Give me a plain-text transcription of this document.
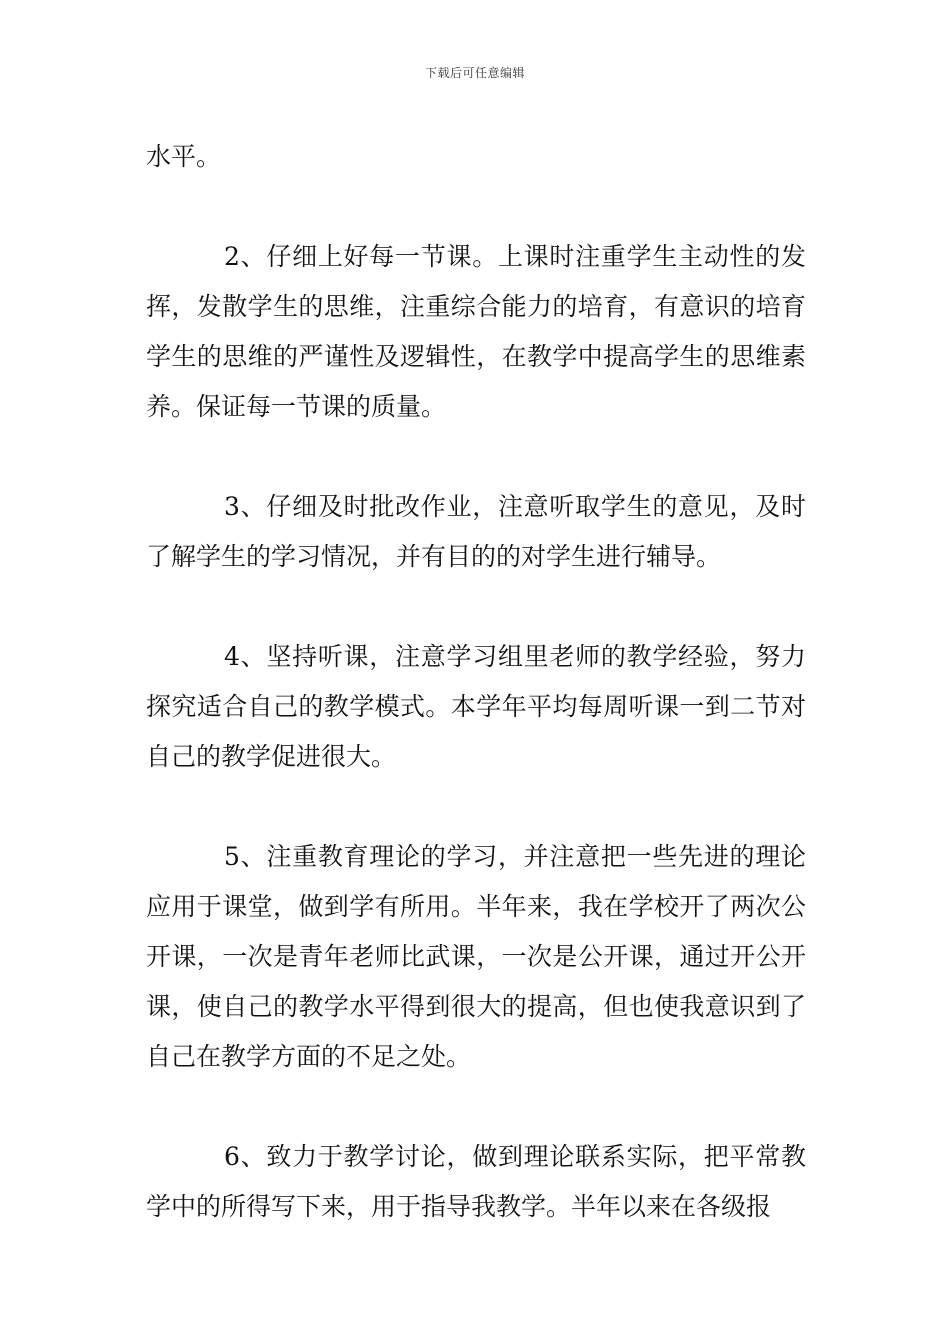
下载后可任意编辑

水平。

2、仔细上好每一节课。上课时注重学生主动性的发挥，发散学生的思维，注重综合能力的培育，有意识的培育学生的思维的严谨性及逻辑性，在教学中提高学生的思维素养。保证每一节课的质量。

3、仔细及时批改作业，注意听取学生的意见，及时了解学生的学习情况，并有目的的对学生进行辅导。

4、坚持听课，注意学习组里老师的教学经验，努力探究适合自己的教学模式。本学年平均每周听课一到二节对自己的教学促进很大。

5、注重教育理论的学习，并注意把一些先进的理论应用于课堂，做到学有所用。半年来，我在学校开了两次公开课，一次是青年老师比武课，一次是公开课，通过开公开课，使自己的教学水平得到很大的提高，但也使我意识到了自己在教学方面的不足之处。

6、致力于教学讨论，做到理论联系实际，把平常教学中的所得写下来，用于指导我教学。半年以来在各级报
